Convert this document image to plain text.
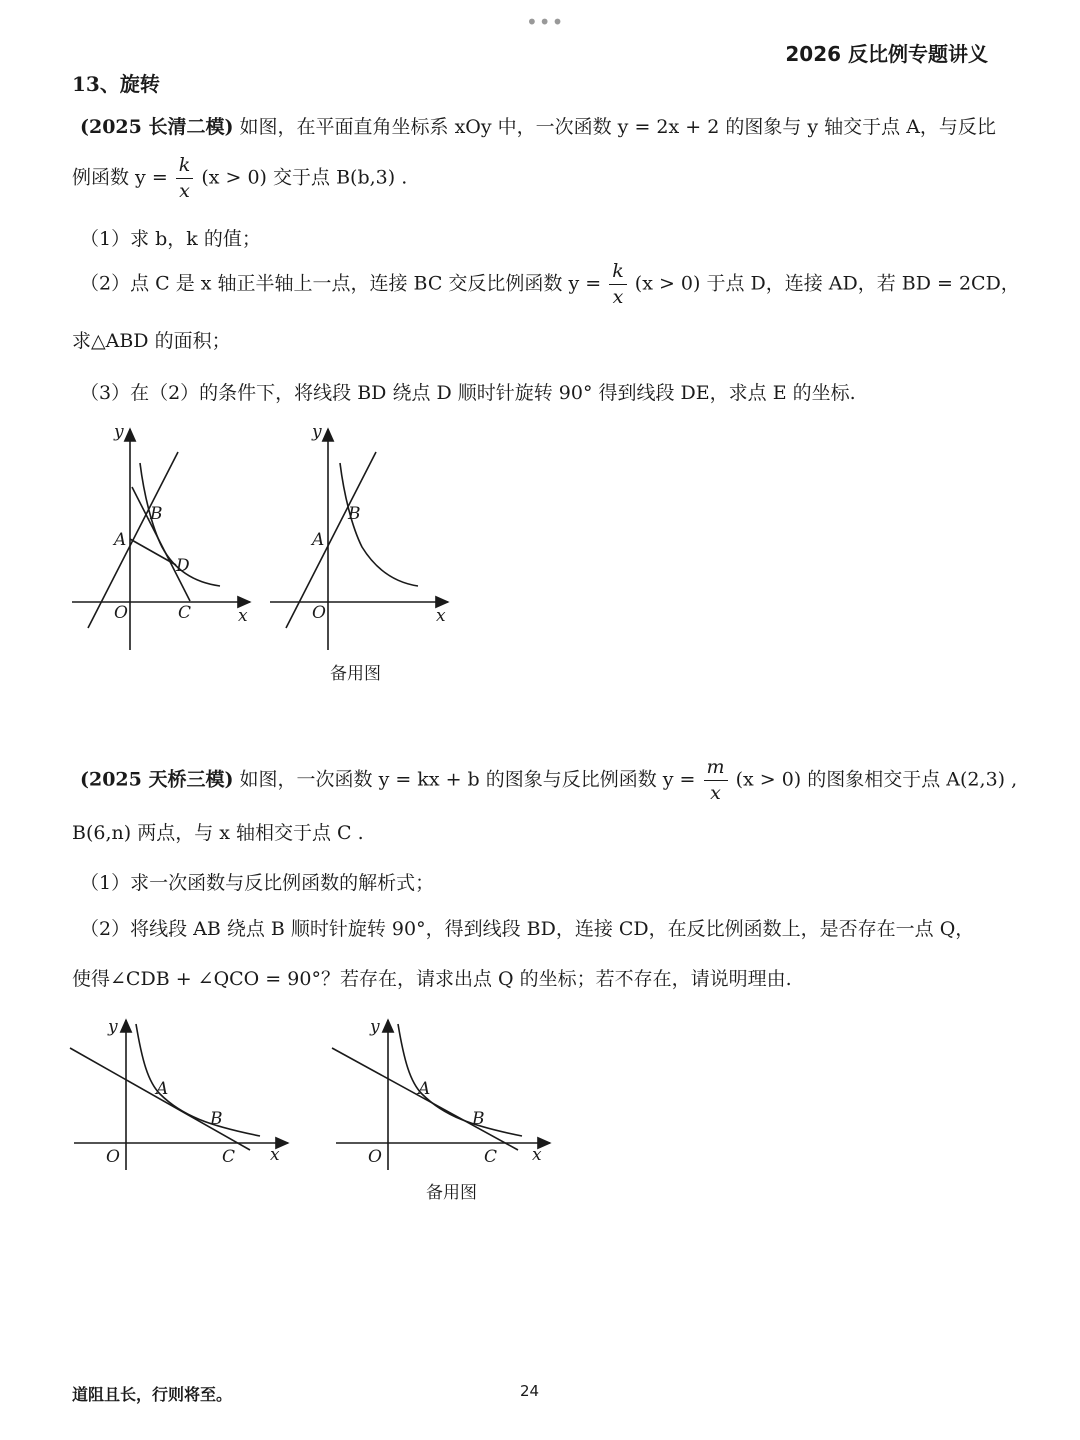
•••
2026 反比例专题讲义
13、旋转
(2025 长清二模) 如图，在平面直角坐标系 xOy 中，一次函数 y = 2x + 2 的图象与 y 轴交于点 A，与反比
例函数 $y = \frac{k}{x} (x > 0)$ 交于点 B(b,3) .
（1）求 b，k 的值；
（2）点 C 是 x 轴正半轴上一点，连接 BC 交反比例函数 $y = \frac{k}{x} (x > 0)$ 于点 D，连接 AD，若 BD = 2CD，
求△ABD 的面积；
（3）在（2）的条件下，将线段 BD 绕点 D 顺时针旋转 90° 得到线段 DE，求点 E 的坐标.
y
x
O
A
B
D
C
y
x
O
A
B
备用图
(2025 天桥三模) 如图，一次函数 y = kx + b 的图象与反比例函数 $y = \frac{m}{x} (x > 0)$ 的图象相交于点 A(2,3) ,
B(6,n) 两点，与 x 轴相交于点 C .
（1）求一次函数与反比例函数的解析式；
（2）将线段 AB 绕点 B 顺时针旋转 90°，得到线段 BD，连接 CD，在反比例函数上，是否存在一点 Q，
使得∠CDB + ∠QCO = 90°？若存在，请求出点 Q 的坐标；若不存在，请说明理由.
y
x
O
A
B
C
y
x
O
A
B
C
备用图
道阻且长，行则将至。	24
